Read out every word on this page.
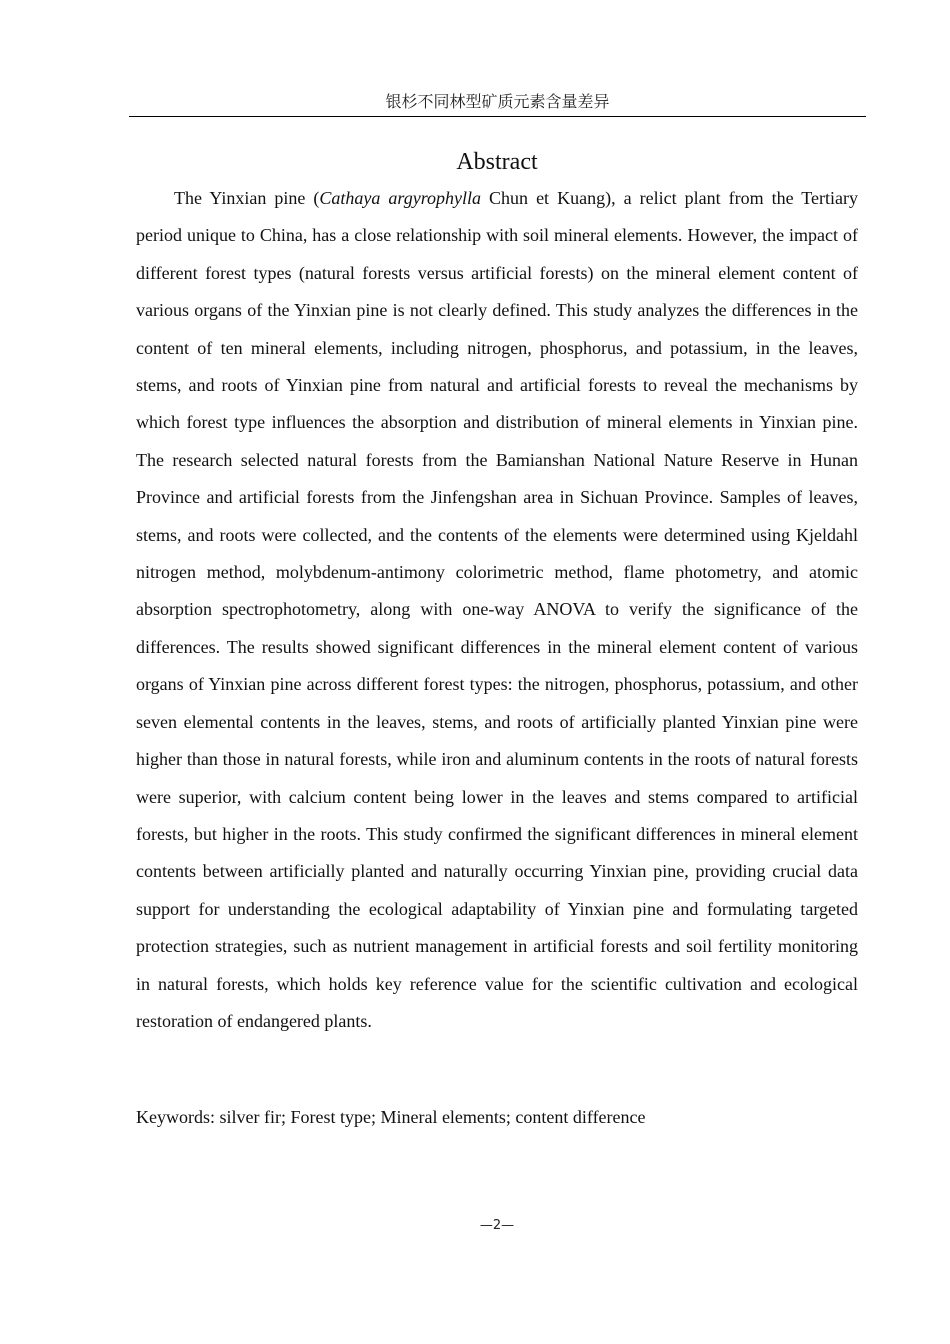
银杉不同林型矿质元素含量差异
Abstract

The Yinxian pine (Cathaya argyrophylla Chun et Kuang), a relict plant from the Tertiary period unique to China, has a close relationship with soil mineral elements. However, the impact of different forest types (natural forests versus artificial forests) on the mineral element content of various organs of the Yinxian pine is not clearly defined. This study analyzes the differences in the content of ten mineral elements, including nitrogen, phosphorus, and potassium, in the leaves, stems, and roots of Yinxian pine from natural and artificial forests to reveal the mechanisms by which forest type influences the absorption and distribution of mineral elements in Yinxian pine. The research selected natural forests from the Bamianshan National Nature Reserve in Hunan Province and artificial forests from the Jinfengshan area in Sichuan Province. Samples of leaves, stems, and roots were collected, and the contents of the elements were determined using Kjeldahl nitrogen method, molybdenum-antimony colorimetric method, flame photometry, and atomic absorption spectrophotometry, along with one-way ANOVA to verify the significance of the differences. The results showed significant differences in the mineral element content of various organs of Yinxian pine across different forest types: the nitrogen, phosphorus, potassium, and other seven elemental contents in the leaves, stems, and roots of artificially planted Yinxian pine were higher than those in natural forests, while iron and aluminum contents in the roots of natural forests were superior, with calcium content being lower in the leaves and stems compared to artificial forests, but higher in the roots. This study confirmed the significant differences in mineral element contents between artificially planted and naturally occurring Yinxian pine, providing crucial data support for understanding the ecological adaptability of Yinxian pine and formulating targeted protection strategies, such as nutrient management in artificial forests and soil fertility monitoring in natural forests, which holds key reference value for the scientific cultivation and ecological restoration of endangered plants.

Keywords: silver fir; Forest type; Mineral elements; content difference

—2—
